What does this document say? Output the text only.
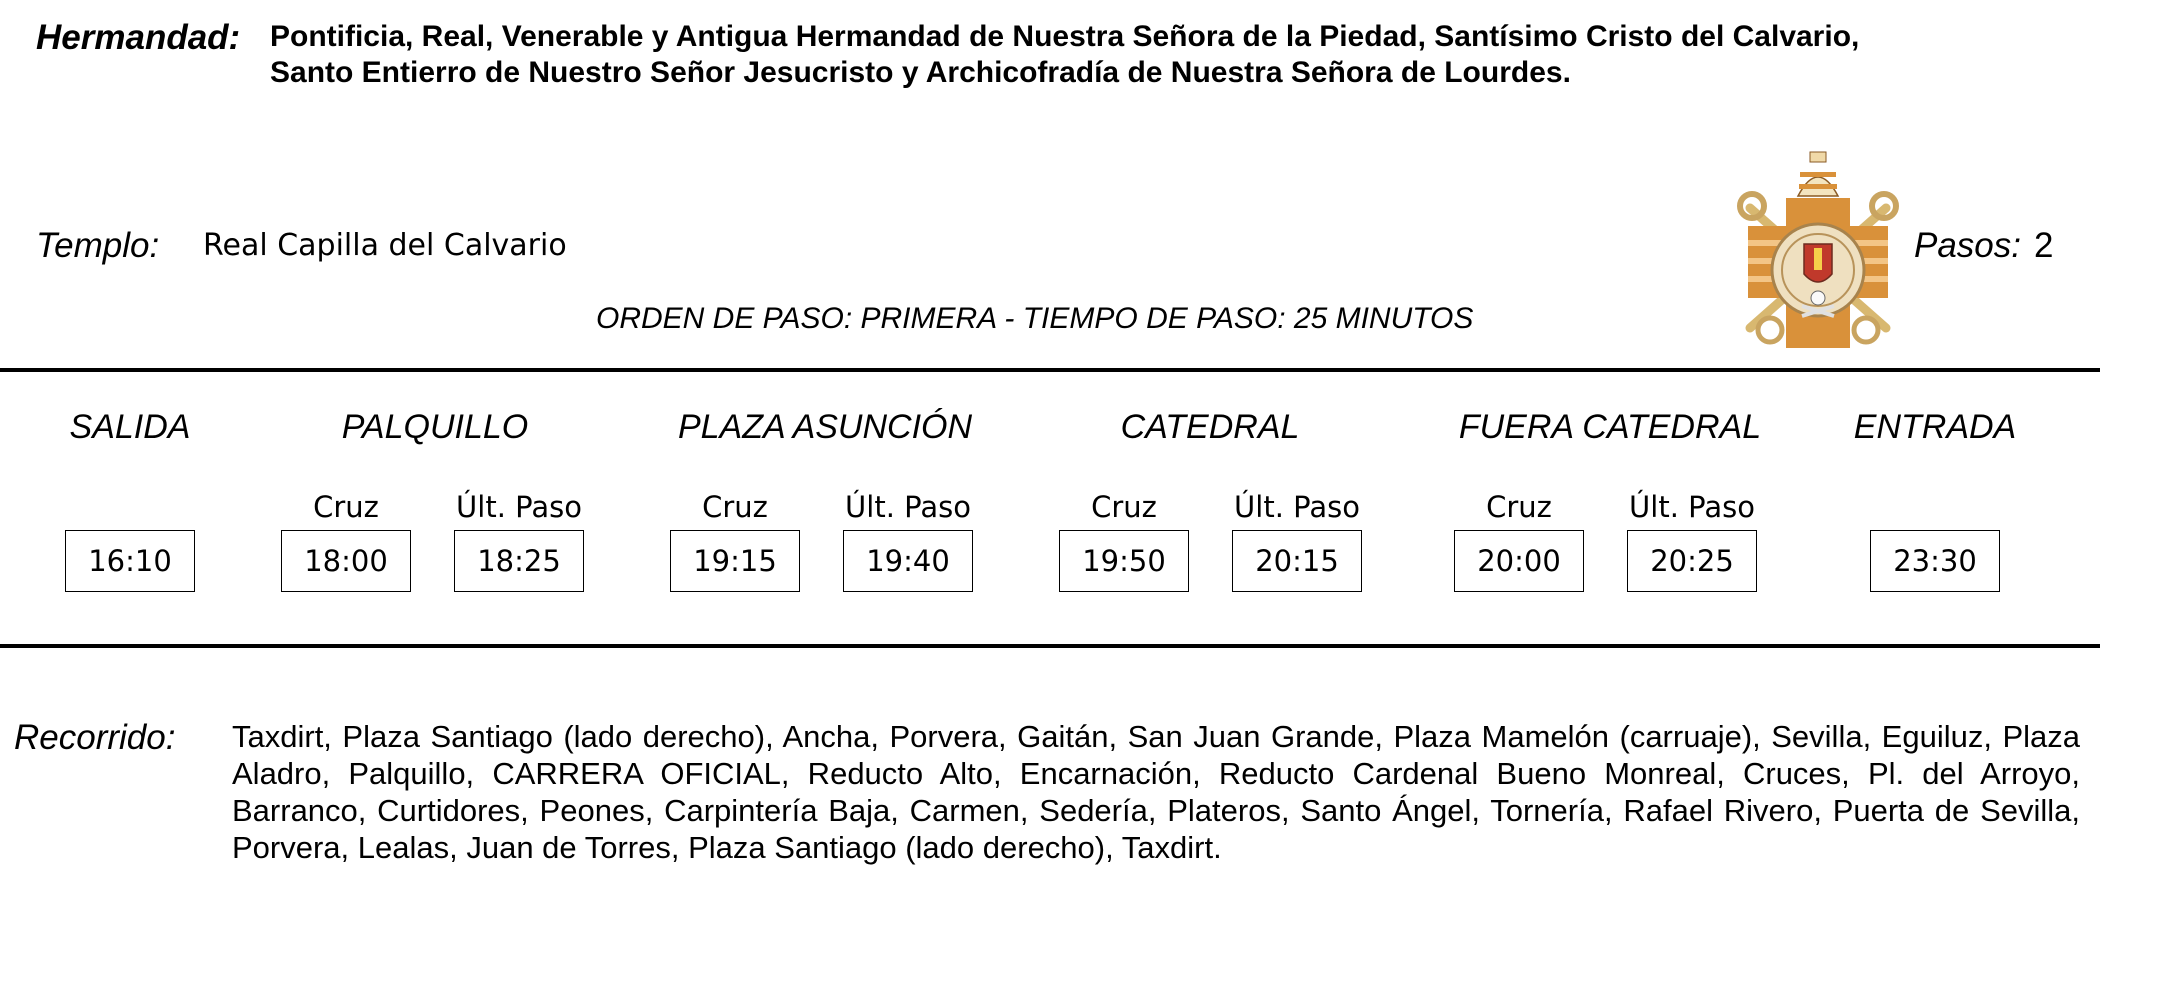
Hermandad: Pontificia, Real, Venerable y Antigua Hermandad de Nuestra Señora de la Piedad, Santísimo Cristo del Calvario,
Santo Entierro de Nuestro Señor Jesucristo y Archicofradía de Nuestra Señora de Lourdes.
Templo: Real Capilla del Calvario
ORDEN DE PASO: PRIMERA - TIEMPO DE PASO: 25 MINUTOS
Pasos: 2
SALIDA	PALQUILLO	PLAZA ASUNCIÓN	CATEDRAL	FUERA CATEDRAL	ENTRADA
Cruz	Últ. Paso	Cruz	Últ. Paso	Cruz	Últ. Paso	Cruz	Últ. Paso
16:10	18:00	18:25	19:15	19:40	19:50	20:15	20:00	20:25	23:30
Recorrido: Taxdirt, Plaza Santiago (lado derecho), Ancha, Porvera, Gaitán, San Juan Grande, Plaza Mamelón (carruaje), Sevilla, Eguiluz, Plaza Aladro, Palquillo, CARRERA OFICIAL, Reducto Alto, Encarnación, Reducto Cardenal Bueno Monreal, Cruces, Pl. del Arroyo, Barranco, Curtidores, Peones, Carpintería Baja, Carmen, Sedería, Plateros, Santo Ángel, Tornería, Rafael Rivero, Puerta de Sevilla, Porvera, Lealas, Juan de Torres, Plaza Santiago (lado derecho), Taxdirt.
